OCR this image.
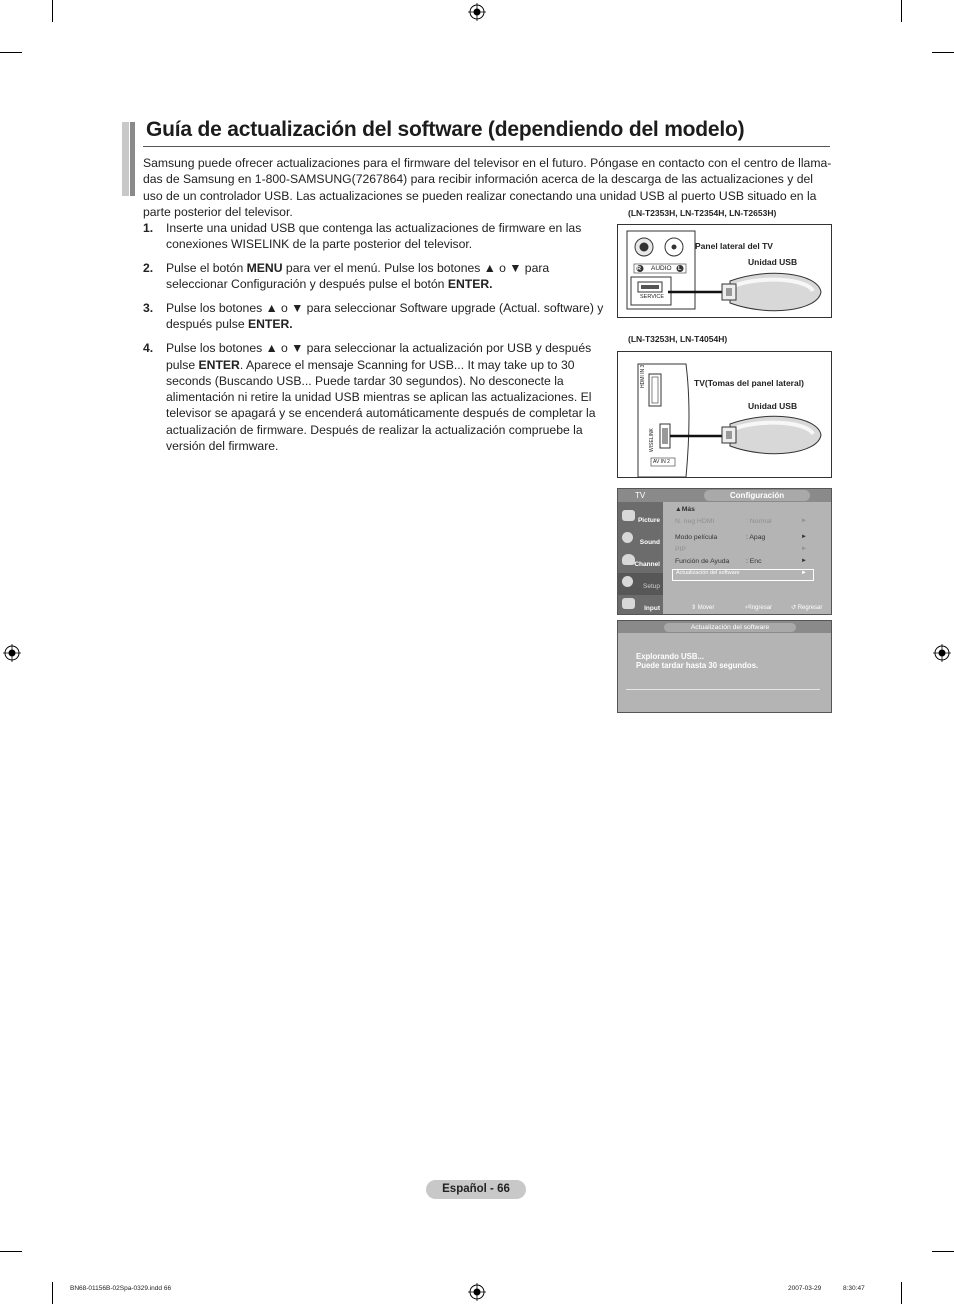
Guía de actualización del software (dependiendo del modelo)
Samsung puede ofrecer actualizaciones para el firmware del televisor en el futuro. Póngase en contacto con el centro de llama-das de Samsung en 1-800-SAMSUNG(7267864) para recibir información acerca de la descarga de las actualizaciones y del uso de un controlador USB. Las actualizaciones se pueden realizar conectando una unidad USB al puerto USB situado en la parte posterior del televisor.
1.	Inserte una unidad USB que contenga las actualizaciones de firmware en las conexiones WISELINK de la parte posterior del televisor.
2.	Pulse el botón MENU para ver el menú. Pulse los botones ▲ o ▼ para seleccionar Configuración y después pulse el botón ENTER.
3.	Pulse los botones ▲ o ▼ para seleccionar Software upgrade (Actual. software) y después pulse ENTER.
4.	Pulse los botones ▲ o ▼ para seleccionar la actualización por USB y después pulse ENTER. Aparece el mensaje Scanning for USB... It may take up to 30 seconds (Buscando USB... Puede tardar 30 segundos). No desconecte la alimentación ni retire la unidad USB mientras se aplican las actualizaciones. El televisor se apagará y se encenderá automáticamente después de completar la actualización de firmware. Después de realizar la actualización compruebe la versión del firmware.
(LN-T2353H, LN-T2354H, LN-T2653H)
Panel lateral del TV
Unidad USB
AUDIO
R	L
SERVICE
(LN-T3253H, LN-T4054H)
TV(Tomas del panel lateral)
Unidad USB
HDMI IN 3
WISELINK
AV IN 2
TV	Configuración
Picture
Sound
Channel
Setup
Input
▲Más
N. neg HDMI	: Normal	►
Modo película	: Apag	►
PIP	►
Función de Ayuda : Enc	►
Actualización del software	►
⇕ Mover	⏎Ingresar	↺ Regresar
Actualización del software
Explorando USB...
Puede tardar hasta 30 segundos.
Español - 66
BN68-01156B-02Spa-0329.indd 66	2007-03-29	8:30:47
